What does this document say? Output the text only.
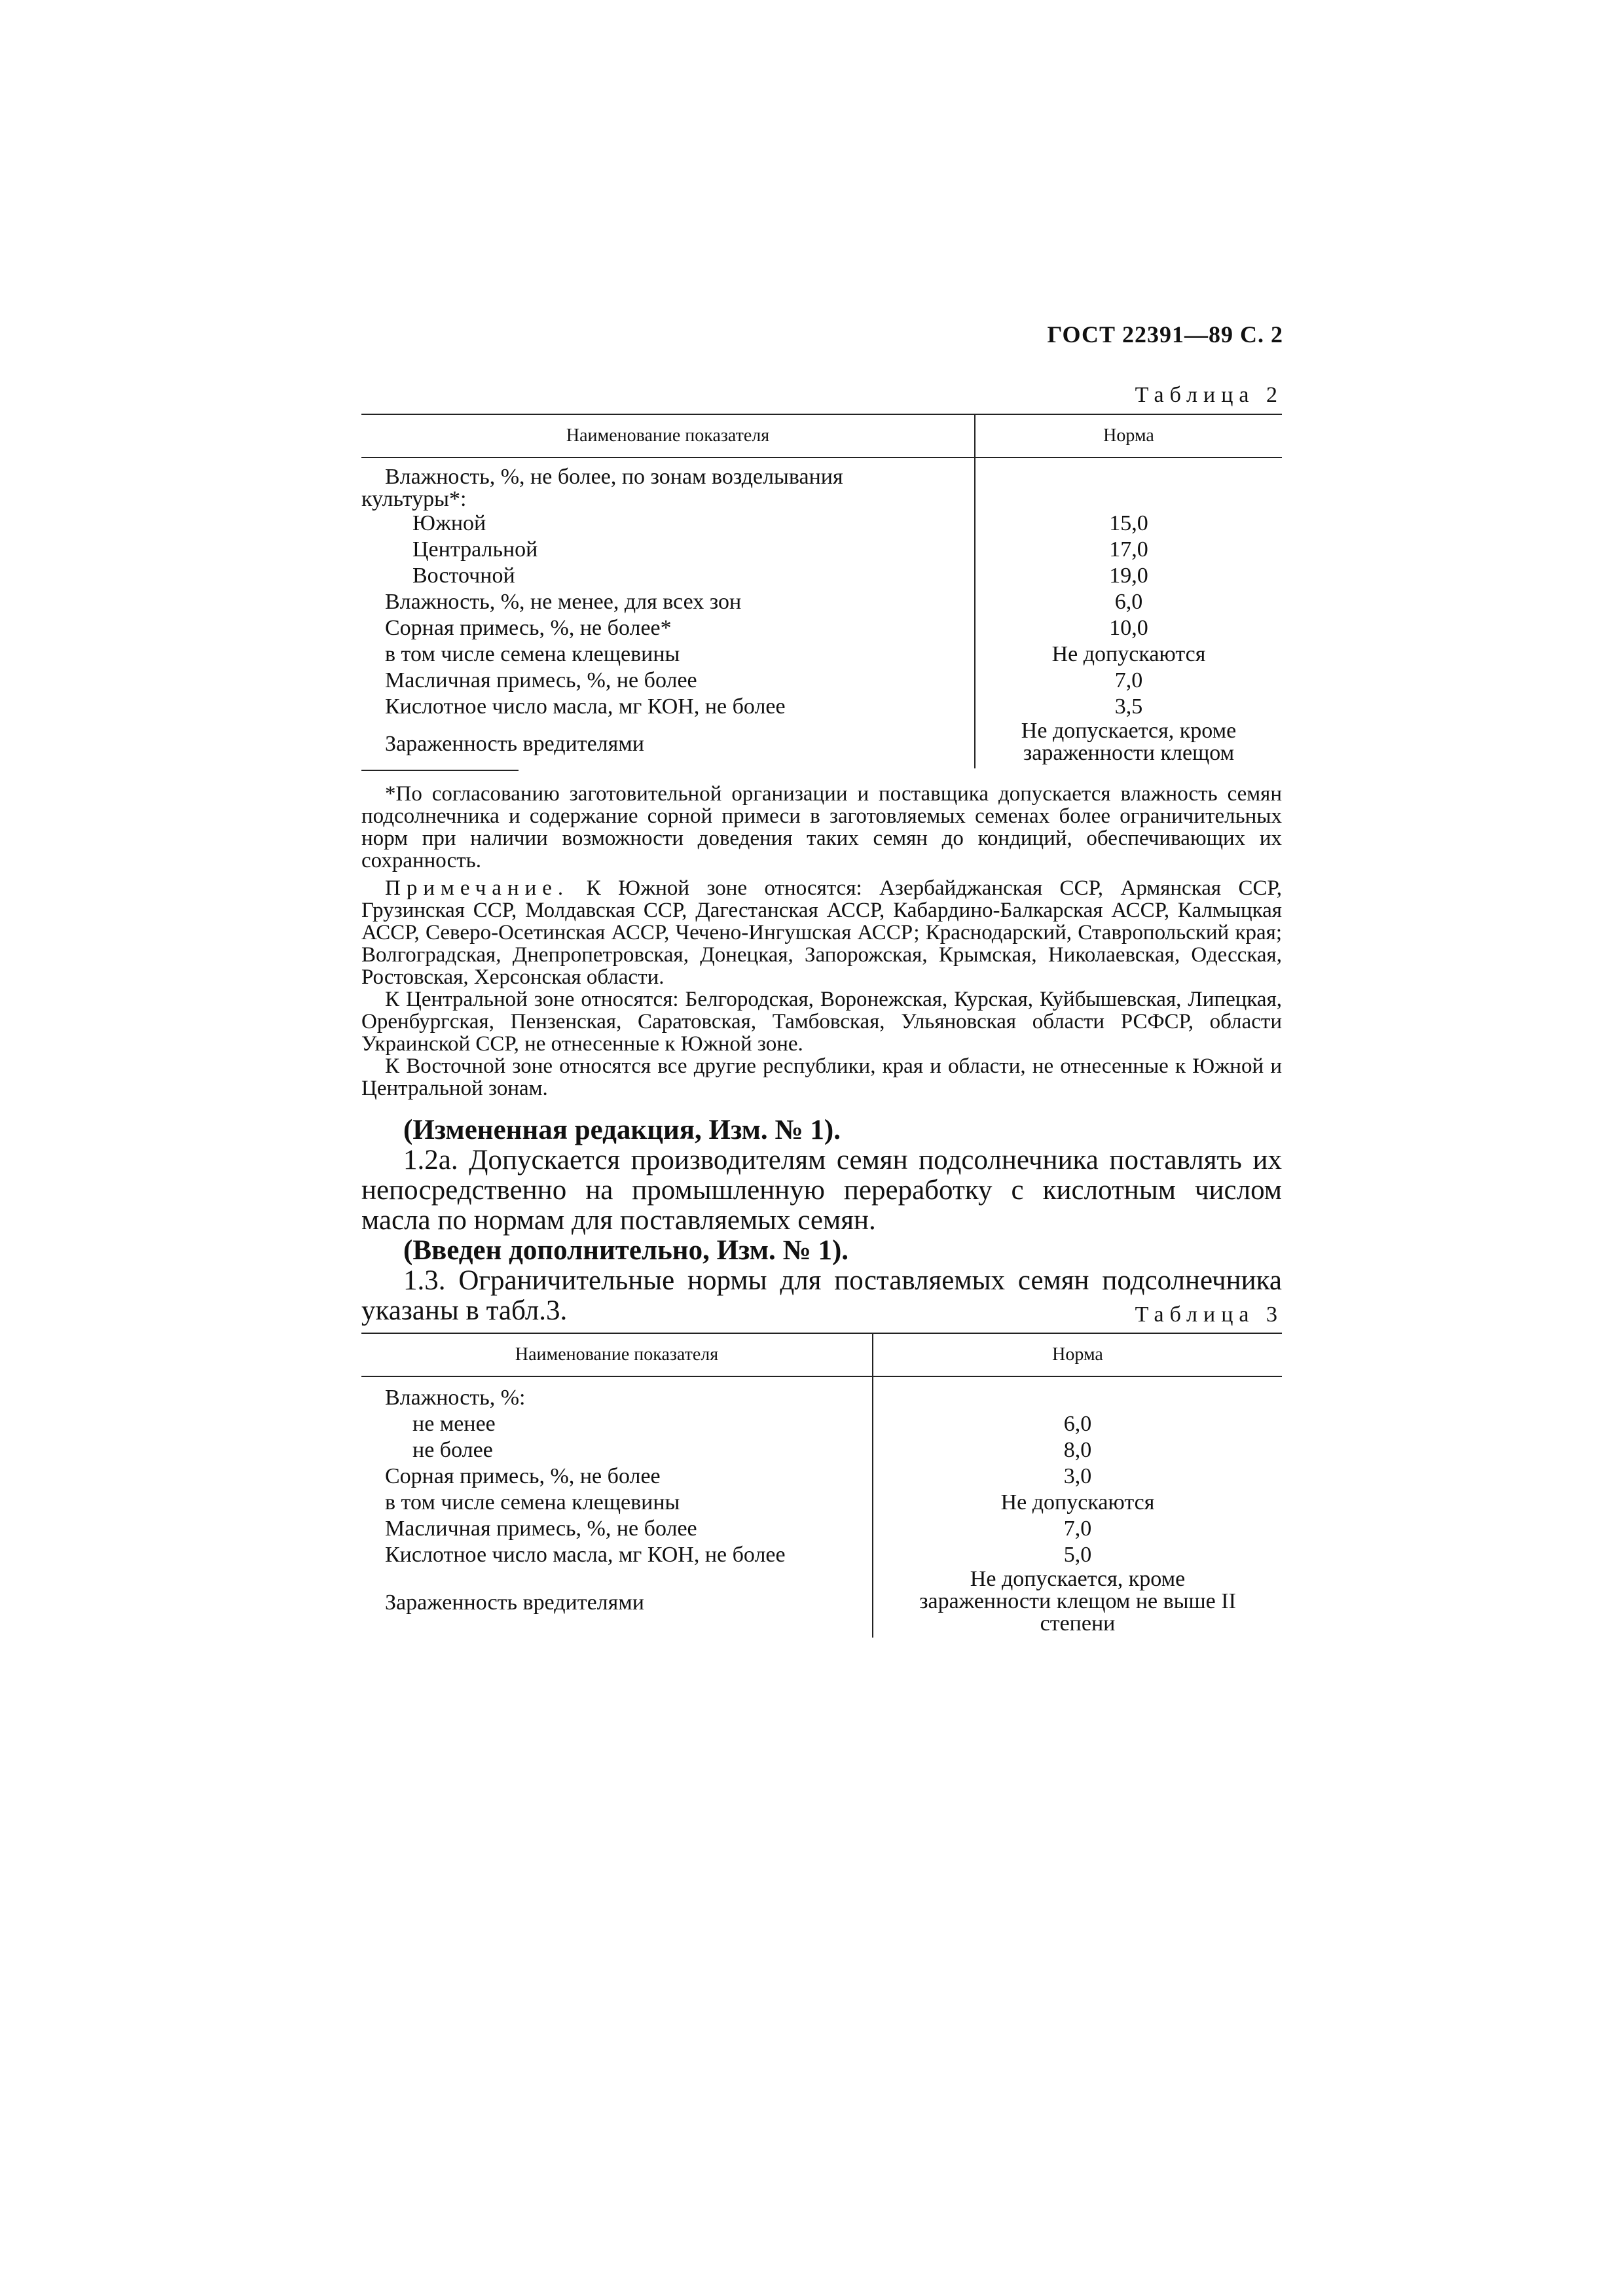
ГОСТ 22391—89 С. 2
Таблица 2
Наименование показателя	Норма
Влажность, %, не более, по зонам возделывания
культуры*:	
Южной	15,0
Центральной	17,0
Восточной	19,0
Влажность, %, не менее, для всех зон	6,0
Сорная примесь, %, не более*	10,0
в том числе семена клещевины	Не допускаются
Масличная примесь, %, не более	7,0
Кислотное число масла, мг КОН, не более	3,5
Зараженность вредителями	Не допускается, кроме
зараженности клещом

*По согласованию заготовительной организации и поставщика допускается влажность семян подсолнечника и содержание сорной примеси в заготовляемых семенах более ограничительных норм при наличии возможности доведения таких семян до кондиций, обеспечивающих их сохранность.

Примечание. К Южной зоне относятся: Азербайджанская ССР, Армянская ССР, Грузинская ССР, Молдавская ССР, Дагестанская АССР, Кабардино-Балкарская АССР, Калмыцкая АССР, Северо-Осетинская АССР, Чечено-Ингушская АССР; Краснодарский, Ставропольский края; Волгоградская, Днепропетровская, Донецкая, Запорожская, Крымская, Николаевская, Одесская, Ростовская, Херсонская области.

К Центральной зоне относятся: Белгородская, Воронежская, Курская, Куйбышевская, Липецкая, Оренбургская, Пензенская, Саратовская, Тамбовская, Ульяновская области РСФСР, области Украинской ССР, не отнесенные к Южной зоне.

К Восточной зоне относятся все другие республики, края и области, не отнесенные к Южной и Центральной зонам.

(Измененная редакция, Изм. № 1).

1.2а. Допускается производителям семян подсолнечника поставлять их непосредственно на промышленную переработку с кислотным числом масла по нормам для поставляемых семян.

(Введен дополнительно, Изм. № 1).

1.3. Ограничительные нормы для поставляемых семян подсолнечника указаны в табл.3.	Таблица 3
Наименование показателя	Норма
Влажность, %:	
не менее	6,0
не более	8,0
Сорная примесь, %, не более	3,0
в том числе семена клещевины	Не допускаются
Масличная примесь, %, не более	7,0
Кислотное число масла, мг КОН, не более	5,0
Зараженность вредителями	Не допускается, кроме
зараженности клещом не выше II
степени
